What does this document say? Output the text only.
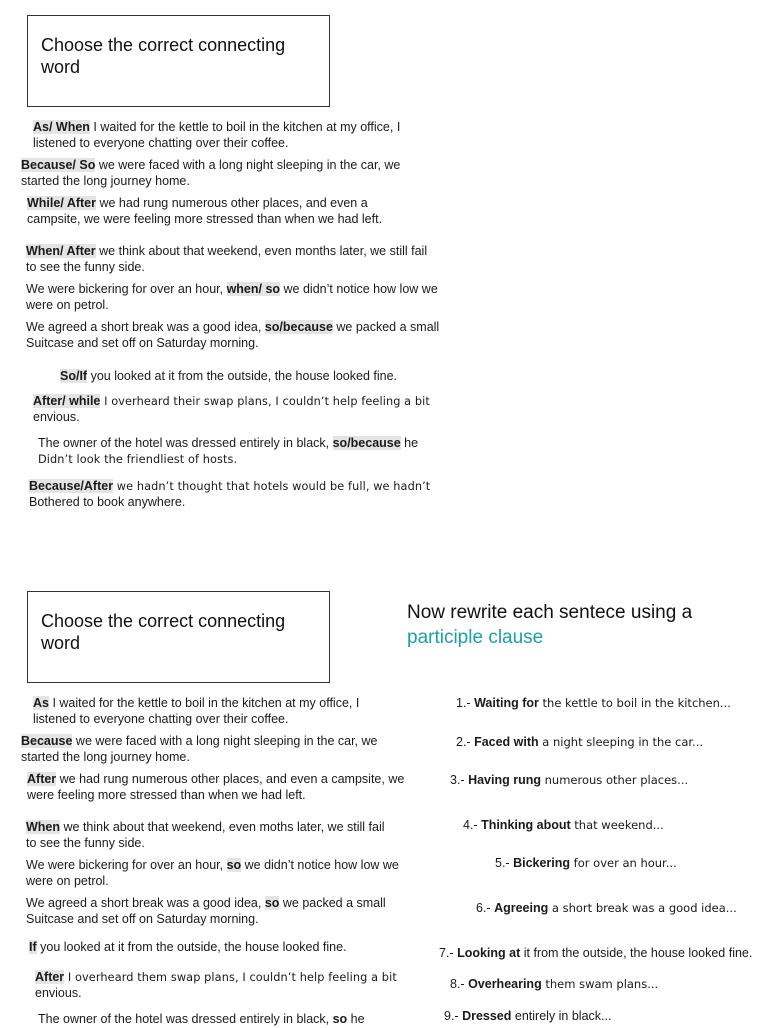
Choose the correct connecting word
As/ When I waited for the kettle to boil in the kitchen at my office, I
listened to everyone chatting over their coffee.
Because/ So we were faced with a long night sleeping in the car, we
started the long journey home.
While/ After we had rung numerous other places, and even a
campsite, we were feeling more stressed than when we had left.
When/ After we think about that weekend, even months later, we still fail
to see the funny side.
We were bickering for over an hour, when/ so we didn’t notice how low we
were on petrol.
We agreed a short break was a good idea, so/because we packed a small
Suitcase and set off on Saturday morning.
So/If you looked at it from the outside, the house looked fine.
After/ while I overheard their swap plans, I couldn’t help feeling a bit
envious.
The owner of the hotel was dressed entirely in black, so/because he
Didn’t look the friendliest of hosts.
Because/After we hadn’t thought that hotels would be full, we hadn’t
Bothered to book anywhere.
Choose the correct connecting word
As I waited for the kettle to boil in the kitchen at my office, I
listened to everyone chatting over their coffee.
Because we were faced with a long night sleeping in the car, we
started the long journey home.
After we had rung numerous other places, and even a campsite, we
were feeling more stressed than when we had left.
When we think about that weekend, even moths later, we still fail
to see the funny side.
We were bickering for over an hour, so we didn’t notice how low we
were on petrol.
We agreed a short break was a good idea, so we packed a small
Suitcase and set off on Saturday morning.
If you looked at it from the outside, the house looked fine.
After I overheard them swap plans, I couldn’t help feeling a bit
envious.
The owner of the hotel was dressed entirely in black, so he
Now rewrite each sentece using a
participle clause
1.- Waiting for the kettle to boil in the kitchen...
2.- Faced with a night sleeping in the car...
3.- Having rung numerous other places...
4.- Thinking about that weekend...
5.- Bickering for over an hour...
6.- Agreeing a short break was a good idea...
7.- Looking at it from the outside, the house looked fine.
8.- Overhearing them swam plans...
9.- Dressed entirely in black...
